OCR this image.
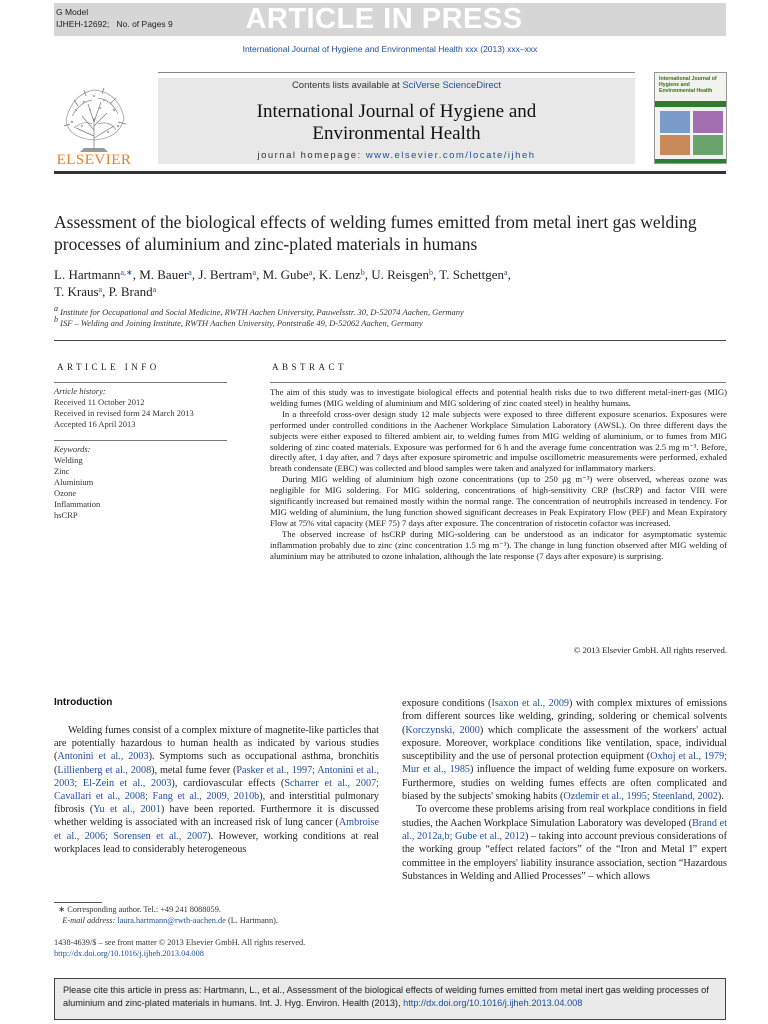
ARTICLE IN PRESS
G Model
IJHEH-12692; No. of Pages 9
International Journal of Hygiene and Environmental Health xxx (2013) xxx–xxx
Contents lists available at SciVerse ScienceDirect
International Journal of Hygiene and
Environmental Health
journal homepage: www.elsevier.com/locate/ijheh
ELSEVIER
International Journal of Hygiene and Environmental Health
Assessment of the biological effects of welding fumes emitted from metal inert gas welding processes of aluminium and zinc-plated materials in humans
L. Hartmann$^{a,∗}$, M. Bauer$^a$, J. Bertram$^a$, M. Gube$^a$, K. Lenz$^b$, U. Reisgen$^b$, T. Schettgen$^a$,
T. Kraus$^a$, P. Brand$^a$
$^a$ Institute for Occupational and Social Medicine, RWTH Aachen University, Pauwelsstr. 30, D-52074 Aachen, Germany
$^b$ ISF – Welding and Joining Institute, RWTH Aachen University, Pontstraße 49, D-52062 Aachen, Germany
ARTICLE INFO	ABSTRACT
Article history:
Received 11 October 2012
Received in revised form 24 March 2013
Accepted 16 April 2013
Keywords:
Welding
Zinc
Aluminium
Ozone
Inflammation
hsCRP

The aim of this study was to investigate biological effects and potential health risks due to two different metal-inert-gas (MIG) welding fumes (MIG welding of aluminium and MIG soldering of zinc coated steel) in healthy humans.

In a threefold cross-over design study 12 male subjects were exposed to three different exposure scenarios. Exposures were performed under controlled conditions in the Aachener Workplace Simulation Laboratory (AWSL). On three different days the subjects were either exposed to filtered ambient air, to welding fumes from MIG welding of aluminium, or to fumes from MIG soldering of zinc coated materials. Exposure was performed for 6 h and the average fume concentration was 2.5 mg m⁻³. Before, directly after, 1 day after, and 7 days after exposure spirometric and impulse oscillometric measurements were performed, exhaled breath condensate (EBC) was collected and blood samples were taken and analyzed for inflammatory markers.

During MIG welding of aluminium high ozone concentrations (up to 250 μg m⁻³) were observed, whereas ozone was negligible for MIG soldering. For MIG soldering, concentrations of high-sensitivity CRP (hsCRP) and factor VIII were significantly increased but remained mostly within the normal range. The concentration of neutrophils increased in tendency. For MIG welding of aluminium, the lung function showed significant decreases in Peak Expiratory Flow (PEF) and Mean Expiratory Flow at 75% vital capacity (MEF 75) 7 days after exposure. The concentration of ristocetin cofactor was increased.

The observed increase of hsCRP during MIG-soldering can be understood as an indicator for asymptomatic systemic inflammation probably due to zinc (zinc concentration 1.5 mg m⁻³). The change in lung function observed after MIG welding of aluminium may be attributed to ozone inhalation, although the late response (7 days after exposure) is surprising.

© 2013 Elsevier GmbH. All rights reserved.
Introduction

Welding fumes consist of a complex mixture of magnetite-like particles that are potentially hazardous to human health as indicated by various studies (Antonini et al., 2003). Symptoms such as occupational asthma, bronchitis (Lillienberg et al., 2008), metal fume fever (Pasker et al., 1997; Antonini et al., 2003; El-Zein et al., 2003), cardiovascular effects (Scharrer et al., 2007; Cavallari et al., 2008; Fang et al., 2009, 2010b), and interstitial pulmonary fibrosis (Yu et al., 2001) have been reported. Furthermore it is discussed whether welding is associated with an increased risk of lung cancer (Ambroise et al., 2006; Sorensen et al., 2007). However, working conditions at real workplaces lead to considerably heterogeneous

exposure conditions (Isaxon et al., 2009) with complex mixtures of emissions from different sources like welding, grinding, soldering or chemical solvents (Korczynski, 2000) which complicate the assessment of the workers' actual exposure. Moreover, workplace conditions like ventilation, space, individual susceptibility and the use of personal protection equipment (Oxhoj et al., 1979; Mur et al., 1985) influence the impact of welding fume exposure on workers. Furthermore, studies on welding fumes effects are often complicated and biased by the subjects' smoking habits (Ozdemir et al., 1995; Steenland, 2002).

To overcome these problems arising from real workplace conditions in field studies, the Aachen Workplace Simulation Laboratory was developed (Brand et al., 2012a,b; Gube et al., 2012) – taking into account previous considerations of the working group “effect related factors” of the “Iron and Metal I” expert committee in the employers' liability insurance association, section “Hazardous Substances in Welding and Allied Processes” – which allows

∗ Corresponding author. Tel.: +49 241 8088059.
E-mail address: laura.hartmann@rwth-aachen.de (L. Hartmann).
1438-4639/$ – see front matter © 2013 Elsevier GmbH. All rights reserved.
http://dx.doi.org/10.1016/j.ijheh.2013.04.008
Please cite this article in press as: Hartmann, L., et al., Assessment of the biological effects of welding fumes emitted from metal inert gas welding processes of aluminium and zinc-plated materials in humans. Int. J. Hyg. Environ. Health (2013), http://dx.doi.org/10.1016/j.ijheh.2013.04.008
